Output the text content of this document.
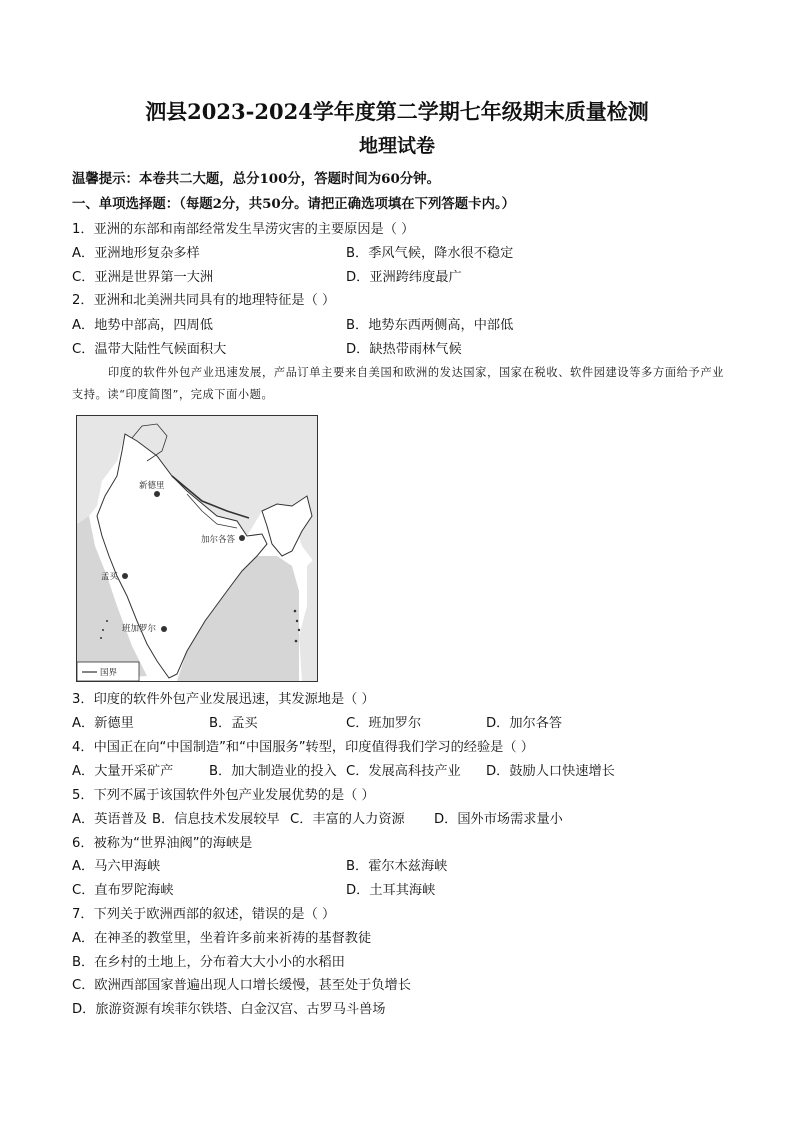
泗县2023-2024学年度第二学期七年级期末质量检测
地理试卷
温馨提示：本卷共二大题，总分100分，答题时间为60分钟。
一、单项选择题：（每题2分，共50分。请把正确选项填在下列答题卡内。）
1．亚洲的东部和南部经常发生旱涝灾害的主要原因是（ ）
A．亚洲地形复杂多样	B．季风气候，降水很不稳定
C．亚洲是世界第一大洲	D．亚洲跨纬度最广
2．亚洲和北美洲共同具有的地理特征是（ ）
A．地势中部高，四周低	B．地势东西两侧高，中部低
C．温带大陆性气候面积大	D．缺热带雨林气候
印度的软件外包产业迅速发展，产品订单主要来自美国和欧洲的发达国家，国家在税收、软件园建设等多方面给予产业支持。读“印度简图”，完成下面小题。
新德里
加尔各答
孟买
班加罗尔
国界
3．印度的软件外包产业发展迅速，其发源地是（ ）
A．新德里	B．孟买	C．班加罗尔	D．加尔各答
4．中国正在向“中国制造”和“中国服务”转型，印度值得我们学习的经验是（ ）
A．大量开采矿产	B．加大制造业的投入 C．发展高科技产业 D．鼓励人口快速增长
5．下列不属于该国软件外包产业发展优势的是（ ）
A．英语普及 B．信息技术发展较早 C．丰富的人力资源 D．国外市场需求量小
6．被称为“世界油阀”的海峡是
A．马六甲海峡	B．霍尔木兹海峡
C．直布罗陀海峡	D．土耳其海峡
7．下列关于欧洲西部的叙述，错误的是（ ）
A．在神圣的教堂里，坐着许多前来祈祷的基督教徒
B．在乡村的土地上，分布着大大小小的水稻田
C．欧洲西部国家普遍出现人口增长缓慢，甚至处于负增长
D．旅游资源有埃菲尔铁塔、白金汉宫、古罗马斗兽场
